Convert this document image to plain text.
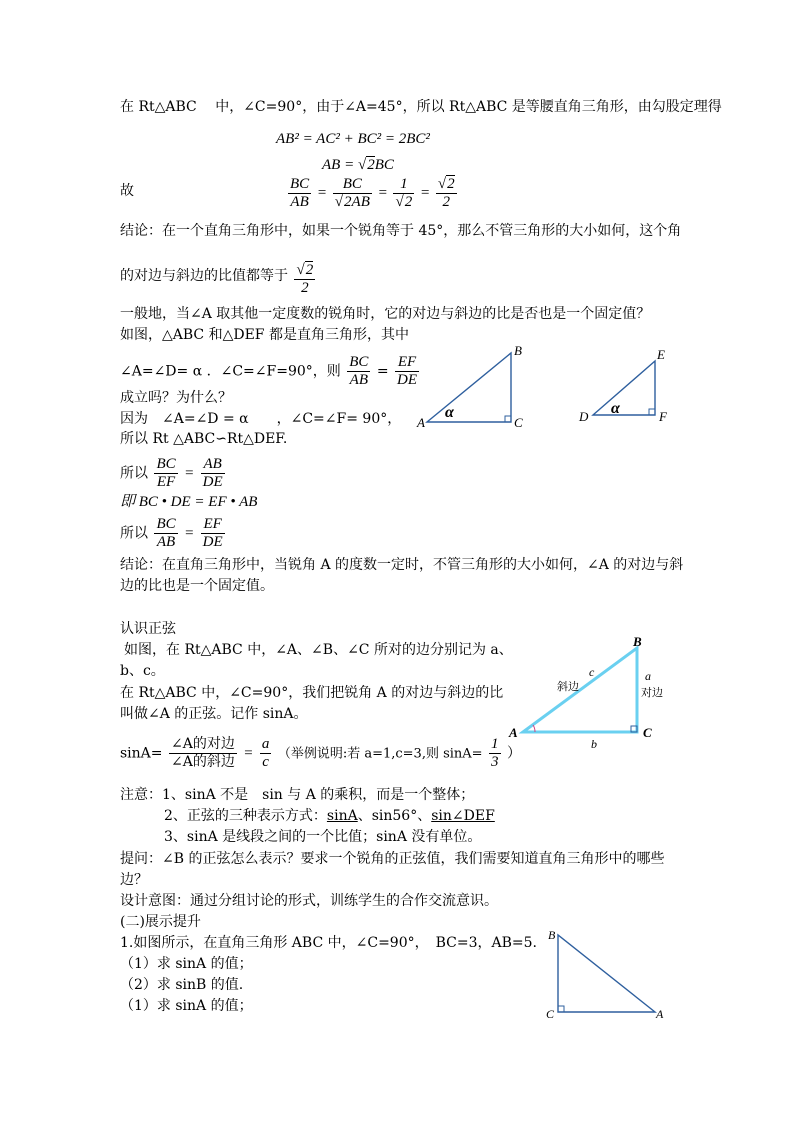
在 Rt△ABC　 中，∠C=90°，由于∠A=45°，所以 Rt△ABC 是等腰直角三角形，由勾股定理得
AB² = AC² + BC² = 2BC²
AB = √2BC
故	$\frac{BC}{AB} = \frac{BC}{√2AB} = \frac{1}{√2} = \frac{√2}{2}$
结论：在一个直角三角形中，如果一个锐角等于 45°，那么不管三角形的大小如何，这个角
的对边与斜边的比值都等于 $\frac{√2}{2}$
一般地，当∠A 取其他一定度数的锐角时，它的对边与斜边的比是否也是一个固定值？
如图，△ABC 和△DEF 都是直角三角形，其中
∠A=∠D= α ．∠C=∠F=90°，则 $\frac{BC}{AB} = \frac{EF}{DE}$
成立吗？为什么？
因为　∠A=∠D = α　　，∠C=∠F= 90°，
所以 Rt △ABC∽Rt△DEF.
所以 $\frac{BC}{EF} = \frac{AB}{DE}$
即 BC • DE = EF • AB
所以 $\frac{BC}{AB} = \frac{EF}{DE}$
结论：在直角三角形中，当锐角 A 的度数一定时，不管三角形的大小如何，∠A 的对边与斜
边的比也是一个固定值。
A
B
C
α	D
E
F
α
认识正弦
如图，在 Rt△ABC 中，∠A、∠B、∠C 所对的边分别记为 a、
b、c。
在 Rt△ABC 中，∠C=90°，我们把锐角 A 的对边与斜边的比
叫做∠A 的正弦。记作 sinA。
$\sin A= \frac{\text{∠A的对边}}{\text{∠A的斜边}} = \frac{a}{c}$ （举例说明:若 a=1,c=3,则 $\sin A= \frac{1}{3}$ ）
A
B
C
a
b
c
斜边	对边
注意：1、sinA 不是　sin 与 A 的乘积，而是一个整体；
2、正弦的三种表示方式：sinA、sin56°、sin∠DEF
3、sinA 是线段之间的一个比值；sinA 没有单位。
提问：∠B 的正弦怎么表示？要求一个锐角的正弦值，我们需要知道直角三角形中的哪些
边？
设计意图：通过分组讨论的形式，训练学生的合作交流意识。
(二)展示提升
1.如图所示，在直角三角形 ABC 中，∠C=90°，　BC=3，AB=5.
（1）求 sinA 的值；
（2）求 sinB 的值.
（1）求 sinA 的值；
B
C	A
